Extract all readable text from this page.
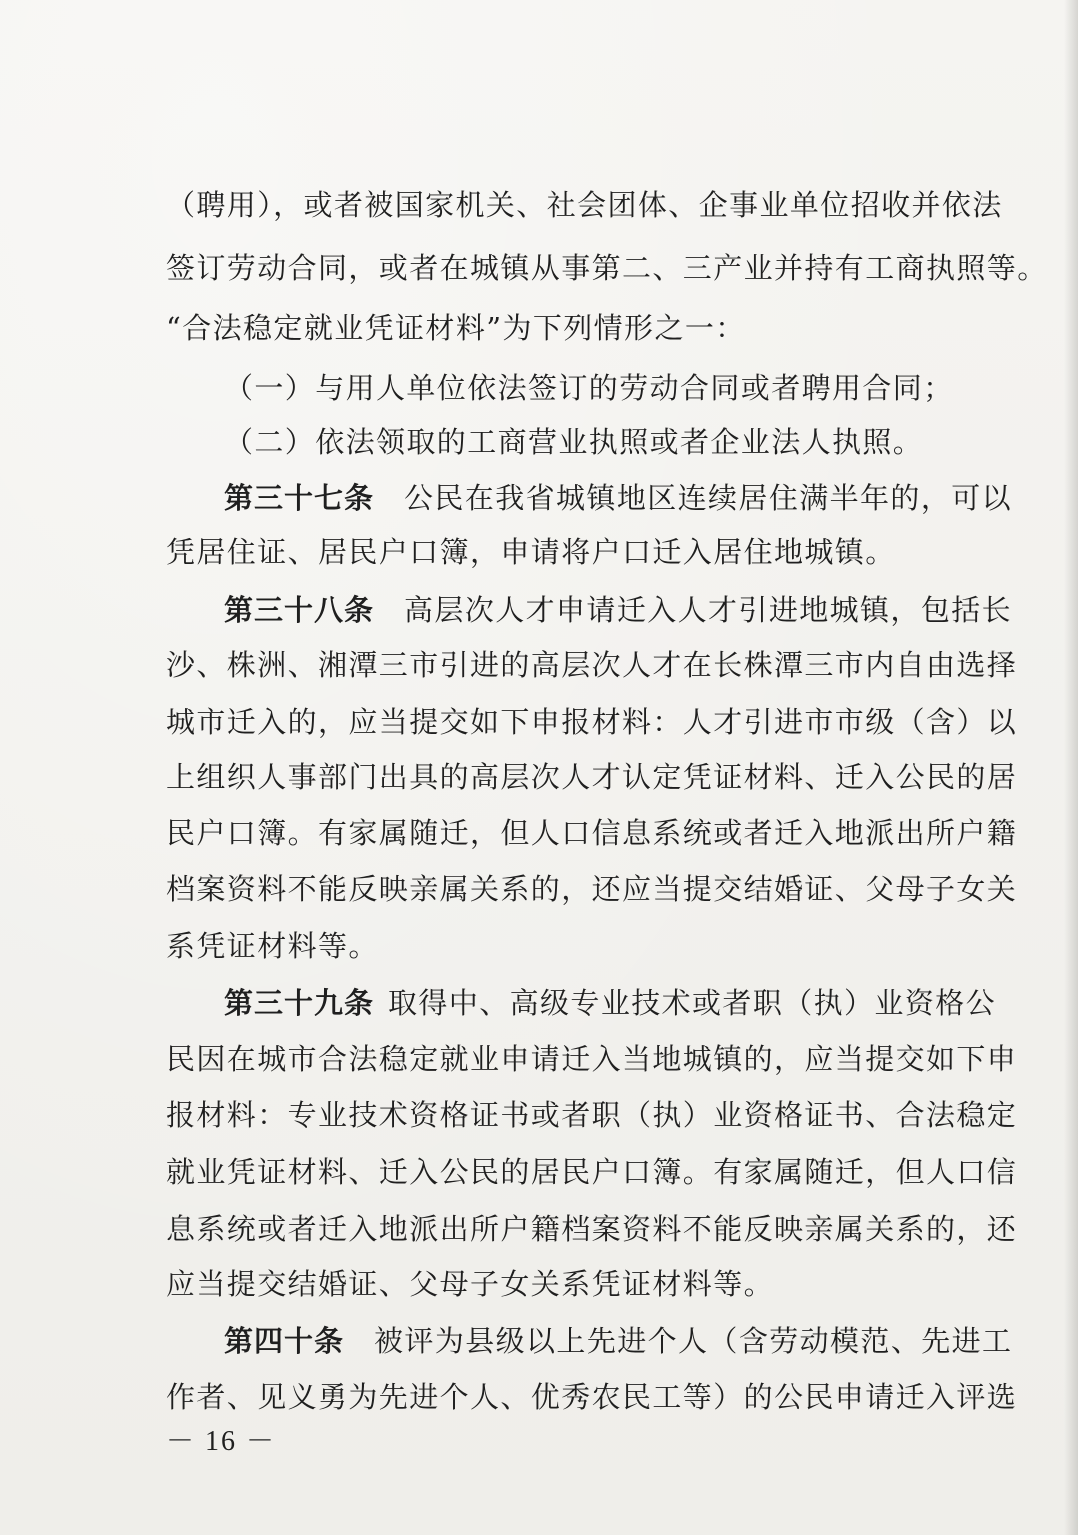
（聘用），或者被国家机关、社会团体、企事业单位招收并依法
签订劳动合同，或者在城镇从事第二、三产业并持有工商执照等。
“合法稳定就业凭证材料”为下列情形之一：
（一）与用人单位依法签订的劳动合同或者聘用合同；
（二）依法领取的工商营业执照或者企业法人执照。
第三十七条 公民在我省城镇地区连续居住满半年的，可以
凭居住证、居民户口簿，申请将户口迁入居住地城镇。
第三十八条 高层次人才申请迁入人才引进地城镇，包括长
沙、株洲、湘潭三市引进的高层次人才在长株潭三市内自由选择
城市迁入的，应当提交如下申报材料：人才引进市市级（含）以
上组织人事部门出具的高层次人才认定凭证材料、迁入公民的居
民户口簿。有家属随迁，但人口信息系统或者迁入地派出所户籍
档案资料不能反映亲属关系的，还应当提交结婚证、父母子女关
系凭证材料等。
第三十九条 取得中、高级专业技术或者职（执）业资格公
民因在城市合法稳定就业申请迁入当地城镇的，应当提交如下申
报材料：专业技术资格证书或者职（执）业资格证书、合法稳定
就业凭证材料、迁入公民的居民户口簿。有家属随迁，但人口信
息系统或者迁入地派出所户籍档案资料不能反映亲属关系的，还
应当提交结婚证、父母子女关系凭证材料等。
第四十条 被评为县级以上先进个人（含劳动模范、先进工
作者、见义勇为先进个人、优秀农民工等）的公民申请迁入评选
－ 16 －
